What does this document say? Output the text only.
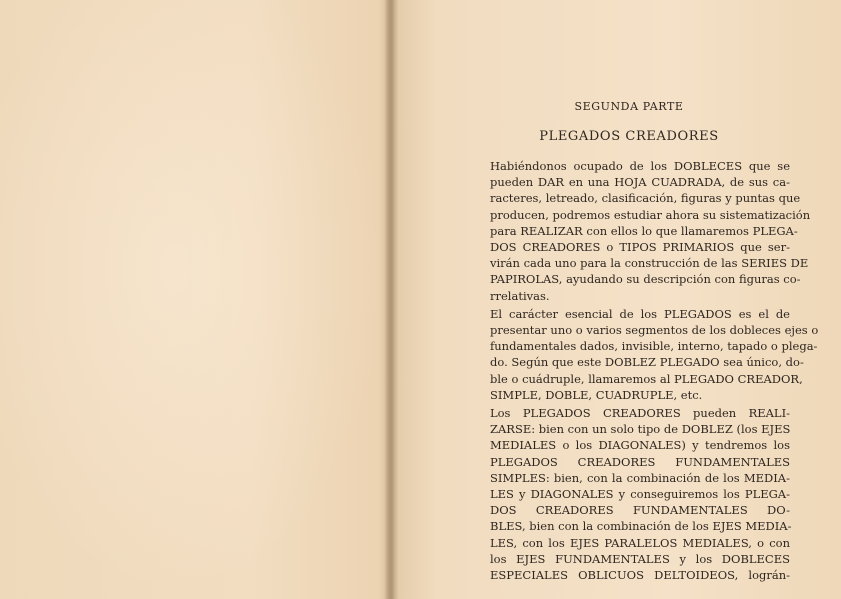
SEGUNDA PARTE
PLEGADOS CREADORES
Habiéndonos ocupado de los DOBLECES que se
pueden DAR en una HOJA CUADRADA, de sus ca-
racteres, letreado, clasificación, figuras y puntas que
producen, podremos estudiar ahora su sistematización
para REALIZAR con ellos lo que llamaremos PLEGA-
DOS CREADORES o TIPOS PRIMARIOS que ser-
virán cada uno para la construcción de las SERIES DE
PAPIROLAS, ayudando su descripción con figuras co-
rrelativas.
El carácter esencial de los PLEGADOS es el de
presentar uno o varios segmentos de los dobleces ejes o
fundamentales dados, invisible, interno, tapado o plega-
do. Según que este DOBLEZ PLEGADO sea único, do-
ble o cuádruple, llamaremos al PLEGADO CREADOR,
SIMPLE, DOBLE, CUADRUPLE, etc.
Los PLEGADOS CREADORES pueden REALI-
ZARSE: bien con un solo tipo de DOBLEZ (los EJES
MEDIALES o los DIAGONALES) y tendremos los
PLEGADOS CREADORES FUNDAMENTALES
SIMPLES: bien, con la combinación de los MEDIA-
LES y DIAGONALES y conseguiremos los PLEGA-
DOS CREADORES FUNDAMENTALES DO-
BLES, bien con la combinación de los EJES MEDIA-
LES, con los EJES PARALELOS MEDIALES, o con
los EJES FUNDAMENTALES y los DOBLECES
ESPECIALES OBLICUOS DELTOIDEOS, lográn-
